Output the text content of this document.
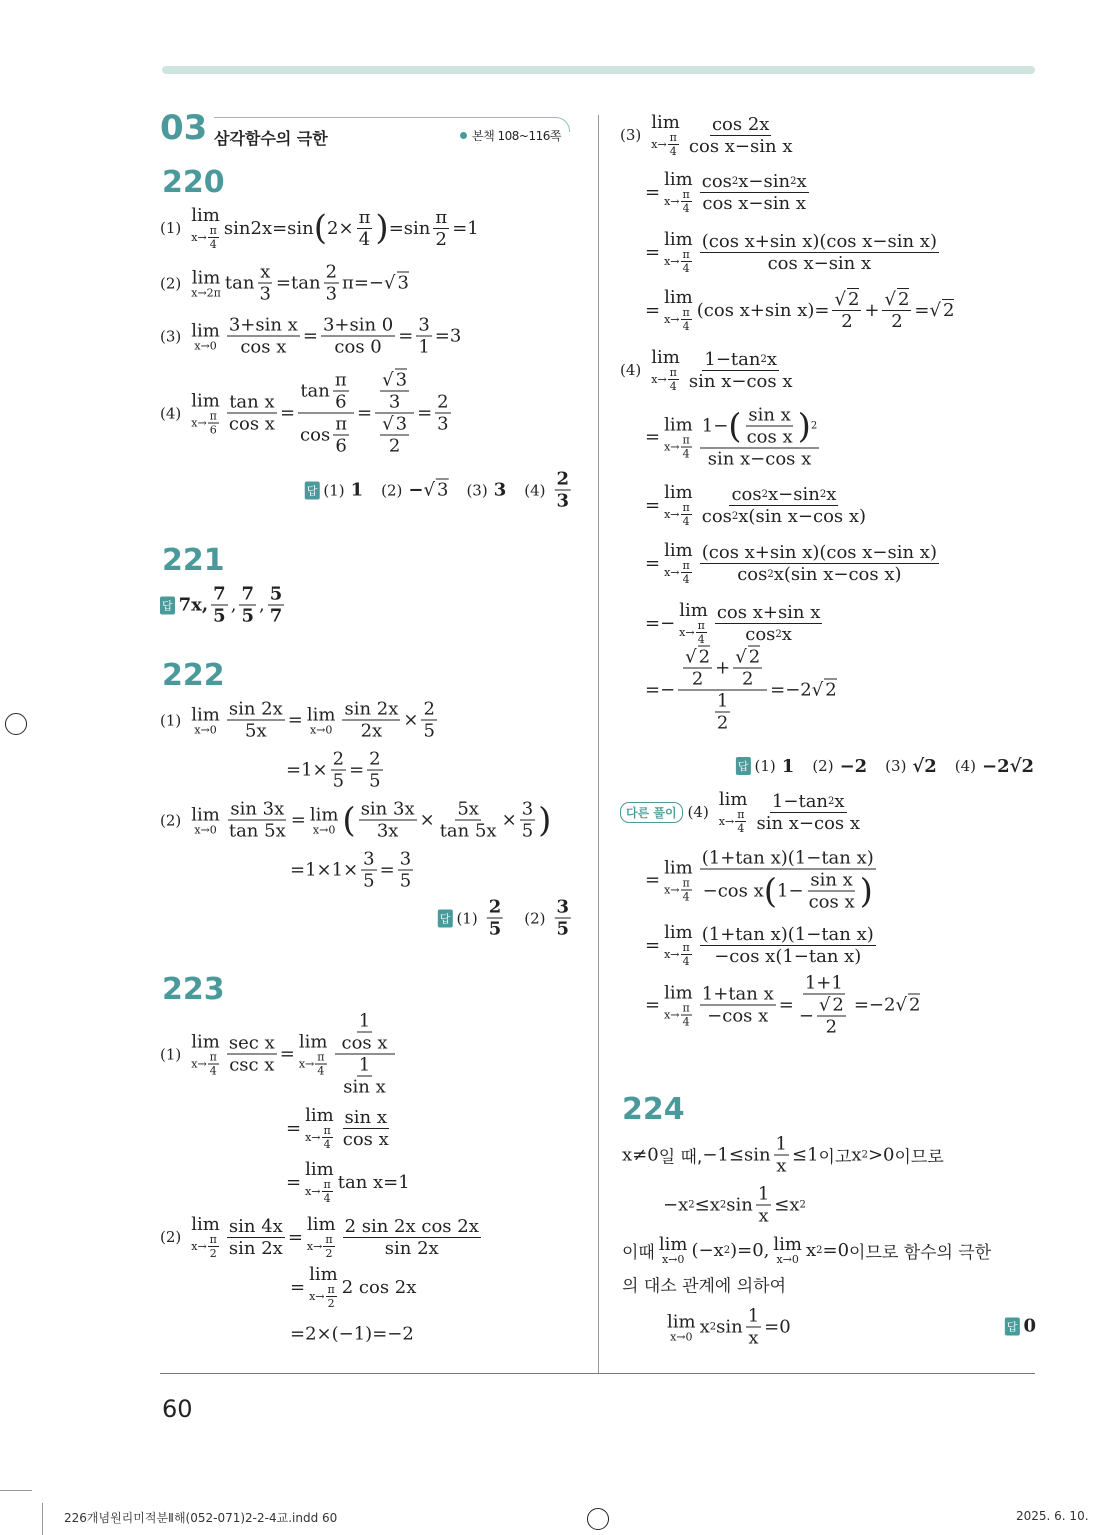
03 삼각함수의 극한	본책 108~116쪽
220
(1)
lim
$x\to \frac{\pi}{4} \sin 2x=\sin$ ( $2\times \frac{\pi}{4}$ ) $=\sin \frac{\pi}{2} =1$
(2) lim
x→2π $\tan \frac{x}{3} =\tan \frac{2}{3} \pi=-$ √ 3
(3) lim
$x\to 0 \frac{\text{3+sin x}}{\text{cos x}} = \frac{3+\sin 0}{\cos 0} = \frac{3}{1} =3$
(4)
lim
$x\to \frac{\pi}{6} \frac{\text{tan x}}{\text{cos x}} = \frac{\tan \frac{\pi}{6}}{\cos \frac{\pi}{6}} = \frac{\frac{√ 3}{3}}{\frac{√ 3}{2}} = \frac{2}{3}$
답 (1) 1
　 (2) − √ 3
　 (3) 3
　 $(4) \frac{2}{3}$
221
답 7x, $\frac{7}{5}$ , $\frac{7}{5}$ , $\frac{5}{7}$
222
(1) lim
$x\to 0 \frac{\sin 2x}{5x} = \lim$
$x\to 0 \frac{\sin 2x}{2x} \times \frac{2}{5}$
$=1\times \frac{2}{5} = \frac{2}{5}$
(2) lim
$x\to 0 \frac{\sin 3x}{\tan 5x} = \lim$
x→0 ( $\frac{\sin 3x}{3x} \times \frac{5x}{\tan 5x} \times \frac{3}{5}$ )
$=1\times 1\times \frac{3}{5} = \frac{3}{5}$
답 $(1) \frac{2}{5}$
　 $(2) \frac{3}{5}$
223
(1)
lim
$x\to \frac{\pi}{4} \frac{\text{sec x}}{\text{csc x}}$ =
lim
$x\to \frac{\pi}{4} \frac{\frac{1}{\text{cos x}}}{\frac{1}{\text{sin x}}}$
=
lim
$x\to \frac{\pi}{4} \frac{\text{sin x}}{\text{cos x}}$
=
lim
$x\to \frac{\pi}{4}$ tan x=1
(2)
lim
$x\to \frac{\pi}{2} \frac{\sin 4x}{\sin 2x}$ =
lim
$x\to \frac{\pi}{2} \frac{\text{2 sin 2x cos 2x}}{\sin 2x}$
=
lim
$x\to \frac{\pi}{2} 2$ cos 2x
=2×(−1)=−2
(3)
lim
$x\to \frac{\pi}{4} \frac{\cos 2x}{\text{cos x−sin x}}$
=
lim
$x\to \frac{\pi}{4} \frac{\cos 2 x-\sin 2 x}{\text{cos x−sin x}}$
=
lim
$x\to \frac{\pi}{4} \frac{\text{(cos x+sin x)(cos x−sin x)}}{\text{cos x−sin x}}$
=
lim
$x\to \frac{\pi}{4} (\cos$ x+sin $x)= \frac{√ 2}{2} + \frac{√ 2}{2}$ = √ 2
(4)
lim
$x\to \frac{\pi}{4} \frac{1-\tan 2 x}{\text{sin x−cos x}}$
=
lim
$x\to \frac{\pi}{4} \frac{1- ( \frac{\text{sin x}}{\text{cos x}} ) 2}{\text{sin x−cos x}}$
=
lim
$x\to \frac{\pi}{4} \frac{\cos 2 x-\sin 2 x}{\text{cos 2 x(sin x−cos x)}}$
=
lim
$x\to \frac{\pi}{4} \frac{\text{(cos x+sin x)(cos x−sin x)}}{\text{cos 2 x(sin x−cos x)}}$
=−
lim
$x\to \frac{\pi}{4} \frac{\text{cos x+sin x}}{\cos 2 x}$
=− $\frac{\frac{√ 2}{2} + \frac{√ 2}{2}}{\frac{1}{2}} =-2$ √ 2
답 (1) 1
　 (2) −2
　 (3) √2
　 (4) −2√2
다른 풀이 (4)
lim
$x\to \frac{\pi}{4} \frac{1-\tan 2 x}{\text{sin x−cos x}}$
=
lim
$x\to \frac{\pi}{4} \frac{\text{(1+tan x)(1−tan x)}}{-\cos x ( 1- \frac{\text{sin x}}{\text{cos x}} )}$
=
lim
$x\to \frac{\pi}{4} \frac{\text{(1+tan x)(1−tan x)}}{\text{−cos x(1−tan x)}}$
=
lim
$x\to \frac{\pi}{4} \frac{\text{1+tan x}}{\text{−cos x}} = \frac{1+1}{- \frac{√ 2}{2}} =-2$ √ 2
224
x≠0 일 때, $-1\le\sin \frac{1}{x} \le 1$ 이고 x 2 >0 이므로
−x 2 ≤x 2 $\sin \frac{1}{x} \le x$ 2
이때 lim
x→0 (−x 2 )=0, lim
x→0 x 2 =0 이므로 함수의 극한
의 대소 관계에 의하여
lim
x→0 x 2 $\sin \frac{1}{x} =0$	답 0
60
226개념원리미적분Ⅱ해(052-071)2-2-4교.indd 60	2025. 6. 10.
